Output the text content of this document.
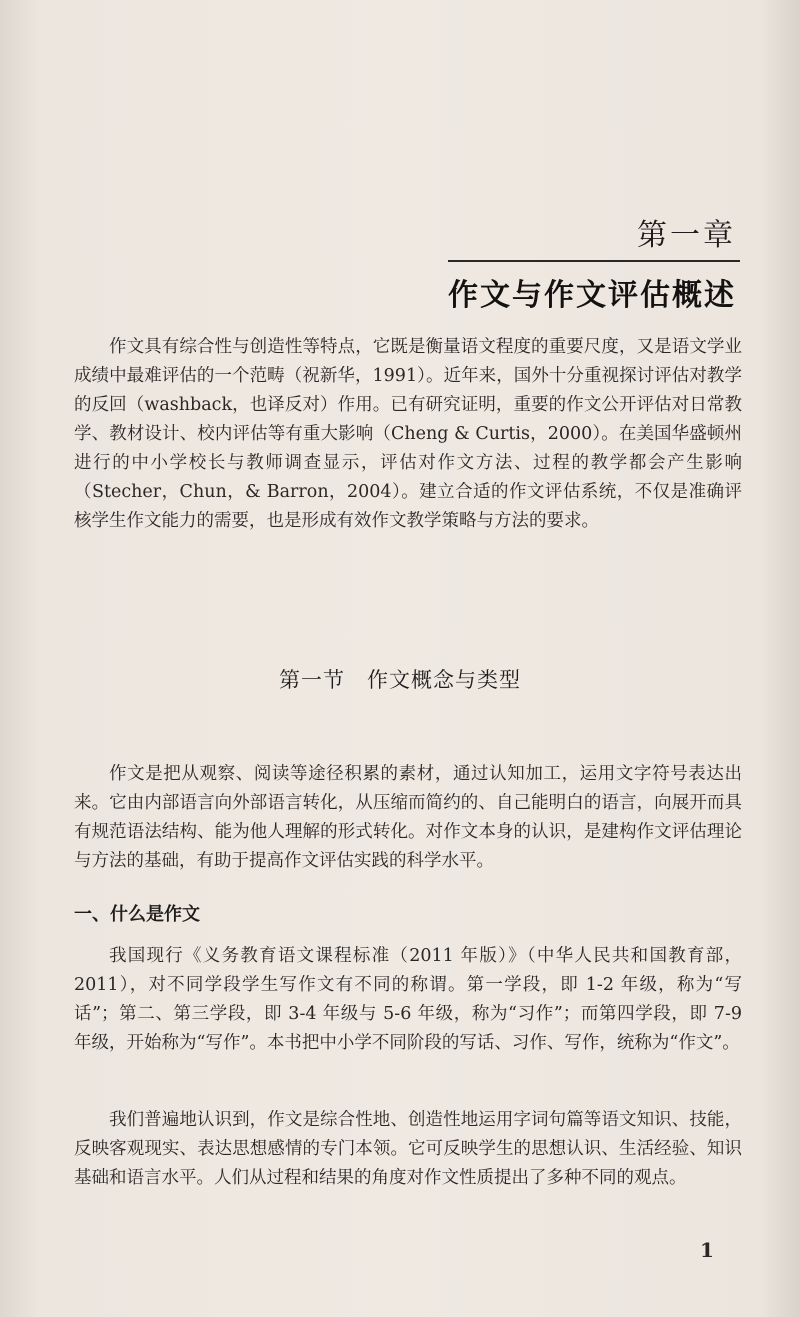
第一章
作文与作文评估概述

作文具有综合性与创造性等特点，它既是衡量语文程度的重要尺度，又是语文学业成绩中最难评估的一个范畴（祝新华，1991）。近年来，国外十分重视探讨评估对教学的反回（washback，也译反对）作用。已有研究证明，重要的作文公开评估对日常教学、教材设计、校内评估等有重大影响（Cheng & Curtis，2000）。在美国华盛顿州进行的中小学校长与教师调查显示，评估对作文方法、过程的教学都会产生影响（Stecher，Chun，& Barron，2004）。建立合适的作文评估系统，不仅是准确评核学生作文能力的需要，也是形成有效作文教学策略与方法的要求。

第一节　作文概念与类型

作文是把从观察、阅读等途径积累的素材，通过认知加工，运用文字符号表达出来。它由内部语言向外部语言转化，从压缩而简约的、自己能明白的语言，向展开而具有规范语法结构、能为他人理解的形式转化。对作文本身的认识，是建构作文评估理论与方法的基础，有助于提高作文评估实践的科学水平。

一、什么是作文

我国现行《义务教育语文课程标准（2011 年版）》（中华人民共和国教育部，2011），对不同学段学生写作文有不同的称谓。第一学段，即 1-2 年级，称为“写话”；第二、第三学段，即 3-4 年级与 5-6 年级，称为“习作”；而第四学段，即 7-9 年级，开始称为“写作”。本书把中小学不同阶段的写话、习作、写作，统称为“作文”。

我们普遍地认识到，作文是综合性地、创造性地运用字词句篇等语文知识、技能，反映客观现实、表达思想感情的专门本领。它可反映学生的思想认识、生活经验、知识基础和语言水平。人们从过程和结果的角度对作文性质提出了多种不同的观点。

1
